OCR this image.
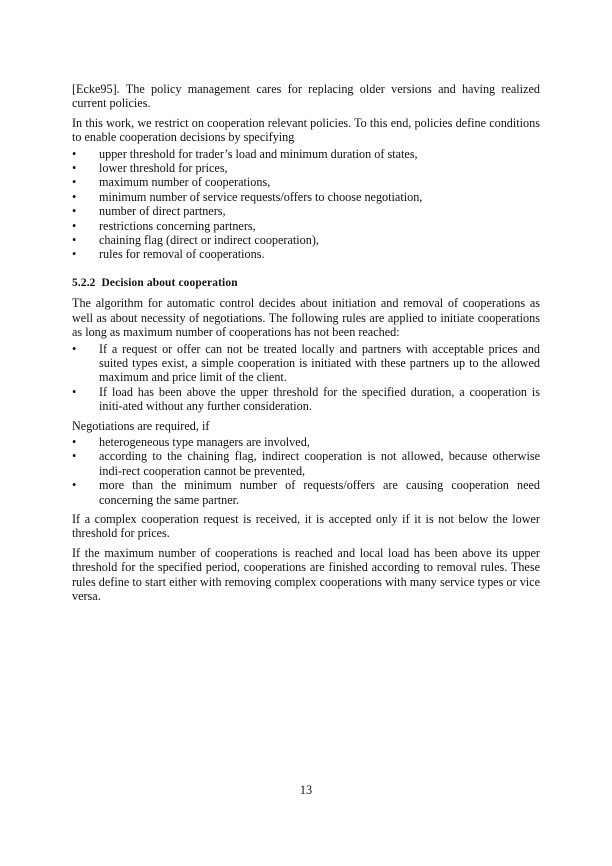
[Ecke95]. The policy management cares for replacing older versions and having realized current policies.

In this work, we restrict on cooperation relevant policies. To this end, policies define conditions to enable cooperation decisions by specifying

•	upper threshold for trader’s load and minimum duration of states,
•	lower threshold for prices,
•	maximum number of cooperations,
•	minimum number of service requests/offers to choose negotiation,
•	number of direct partners,
•	restrictions concerning partners,
•	chaining flag (direct or indirect cooperation),
•	rules for removal of cooperations.
5.2.2 Decision about cooperation

The algorithm for automatic control decides about initiation and removal of cooperations as well as about necessity of negotiations. The following rules are applied to initiate cooperations as long as maximum number of cooperations has not been reached:

•	If a request or offer can not be treated locally and partners with acceptable prices and suited types exist, a simple cooperation is initiated with these partners up to the allowed maximum and price limit of the client.
•	If load has been above the upper threshold for the specified duration, a cooperation is initi-ated without any further consideration.

Negotiations are required, if

•	heterogeneous type managers are involved,
•	according to the chaining flag, indirect cooperation is not allowed, because otherwise indi-rect cooperation cannot be prevented,
•	more than the minimum number of requests/offers are causing cooperation need concerning the same partner.

If a complex cooperation request is received, it is accepted only if it is not below the lower threshold for prices.

If the maximum number of cooperations is reached and local load has been above its upper threshold for the specified period, cooperations are finished according to removal rules. These rules define to start either with removing complex cooperations with many service types or vice versa.

13
